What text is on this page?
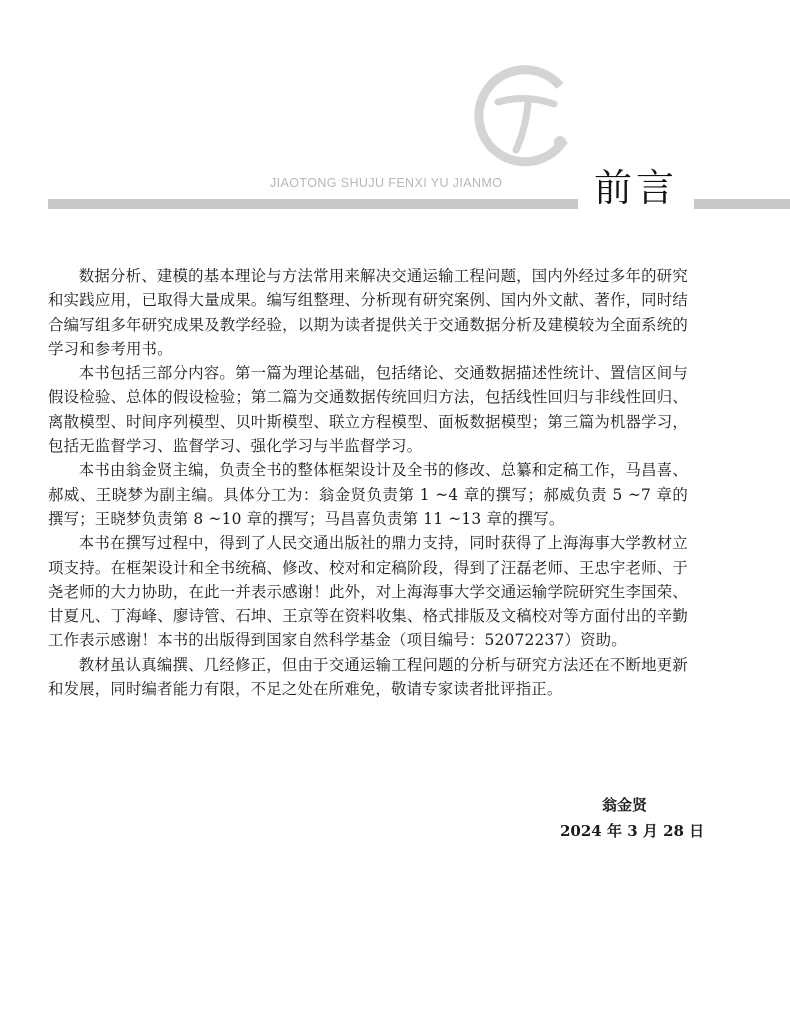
JIAOTONG SHUJU FENXI YU JIANMO	前言

数据分析、建模的基本理论与方法常用来解决交通运输工程问题，国内外经过多年的研究和实践应用，已取得大量成果。编写组整理、分析现有研究案例、国内外文献、著作，同时结合编写组多年研究成果及教学经验，以期为读者提供关于交通数据分析及建模较为全面系统的学习和参考用书。

本书包括三部分内容。第一篇为理论基础，包括绪论、交通数据描述性统计、置信区间与假设检验、总体的假设检验；第二篇为交通数据传统回归方法，包括线性回归与非线性回归、离散模型、时间序列模型、贝叶斯模型、联立方程模型、面板数据模型；第三篇为机器学习，包括无监督学习、监督学习、强化学习与半监督学习。

本书由翁金贤主编，负责全书的整体框架设计及全书的修改、总纂和定稿工作，马昌喜、郝威、王晓梦为副主编。具体分工为：翁金贤负责第 1 ~4 章的撰写；郝威负责 5 ~7 章的撰写；王晓梦负责第 8 ~10 章的撰写；马昌喜负责第 11 ~13 章的撰写。

本书在撰写过程中，得到了人民交通出版社的鼎力支持，同时获得了上海海事大学教材立项支持。在框架设计和全书统稿、修改、校对和定稿阶段，得到了汪磊老师、王忠宇老师、于尧老师的大力协助，在此一并表示感谢！此外，对上海海事大学交通运输学院研究生李国荣、甘夏凡、丁海峰、廖诗管、石坤、王京等在资料收集、格式排版及文稿校对等方面付出的辛勤工作表示感谢！本书的出版得到国家自然科学基金（项目编号：52072237）资助。

教材虽认真编撰、几经修正，但由于交通运输工程问题的分析与研究方法还在不断地更新和发展，同时编者能力有限，不足之处在所难免，敬请专家读者批评指正。

翁金贤
2024 年 3 月 28 日
